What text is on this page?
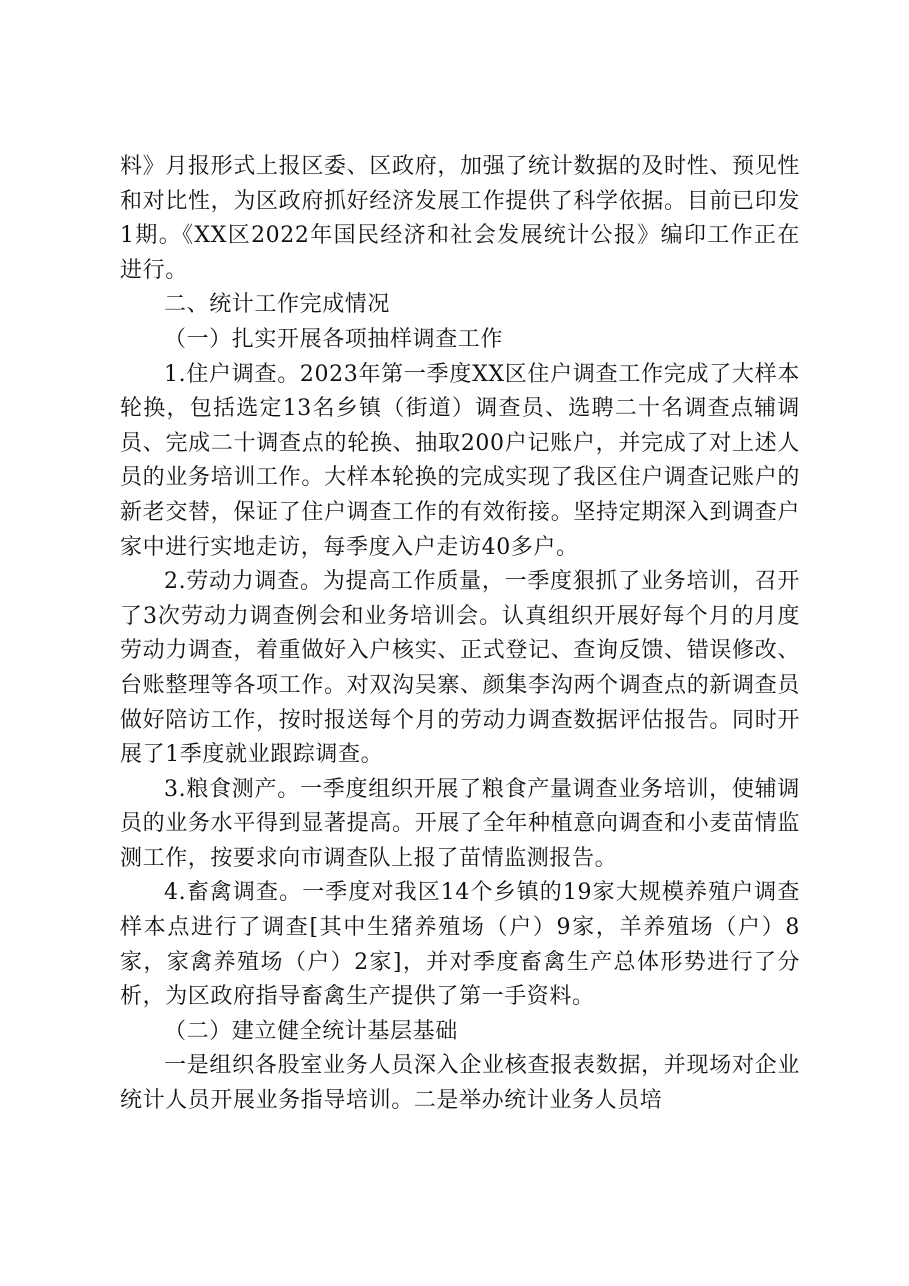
料》月报形式上报区委、区政府，加强了统计数据的及时性、预见性和对比性，为区政府抓好经济发展工作提供了科学依据。目前已印发1期。《XX区2022年国民经济和社会发展统计公报》编印工作正在进行。

二、统计工作完成情况

（一）扎实开展各项抽样调查工作

1.住户调查。2023年第一季度XX区住户调查工作完成了大样本轮换，包括选定13名乡镇（街道）调查员、选聘二十名调查点辅调员、完成二十调查点的轮换、抽取200户记账户，并完成了对上述人员的业务培训工作。大样本轮换的完成实现了我区住户调查记账户的新老交替，保证了住户调查工作的有效衔接。坚持定期深入到调查户家中进行实地走访，每季度入户走访40多户。

2.劳动力调查。为提高工作质量，一季度狠抓了业务培训，召开了3次劳动力调查例会和业务培训会。认真组织开展好每个月的月度劳动力调查，着重做好入户核实、正式登记、查询反馈、错误修改、台账整理等各项工作。对双沟吴寨、颜集李沟两个调查点的新调查员做好陪访工作，按时报送每个月的劳动力调查数据评估报告。同时开展了1季度就业跟踪调查。

3.粮食测产。一季度组织开展了粮食产量调查业务培训，使辅调员的业务水平得到显著提高。开展了全年种植意向调查和小麦苗情监测工作，按要求向市调查队上报了苗情监测报告。

4.畜禽调查。一季度对我区14个乡镇的19家大规模养殖户调查样本点进行了调查[其中生猪养殖场（户）9家，羊养殖场（户）8家，家禽养殖场（户）2家]，并对季度畜禽生产总体形势进行了分析，为区政府指导畜禽生产提供了第一手资料。

（二）建立健全统计基层基础

一是组织各股室业务人员深入企业核查报表数据，并现场对企业统计人员开展业务指导培训。二是举办统计业务人员培
